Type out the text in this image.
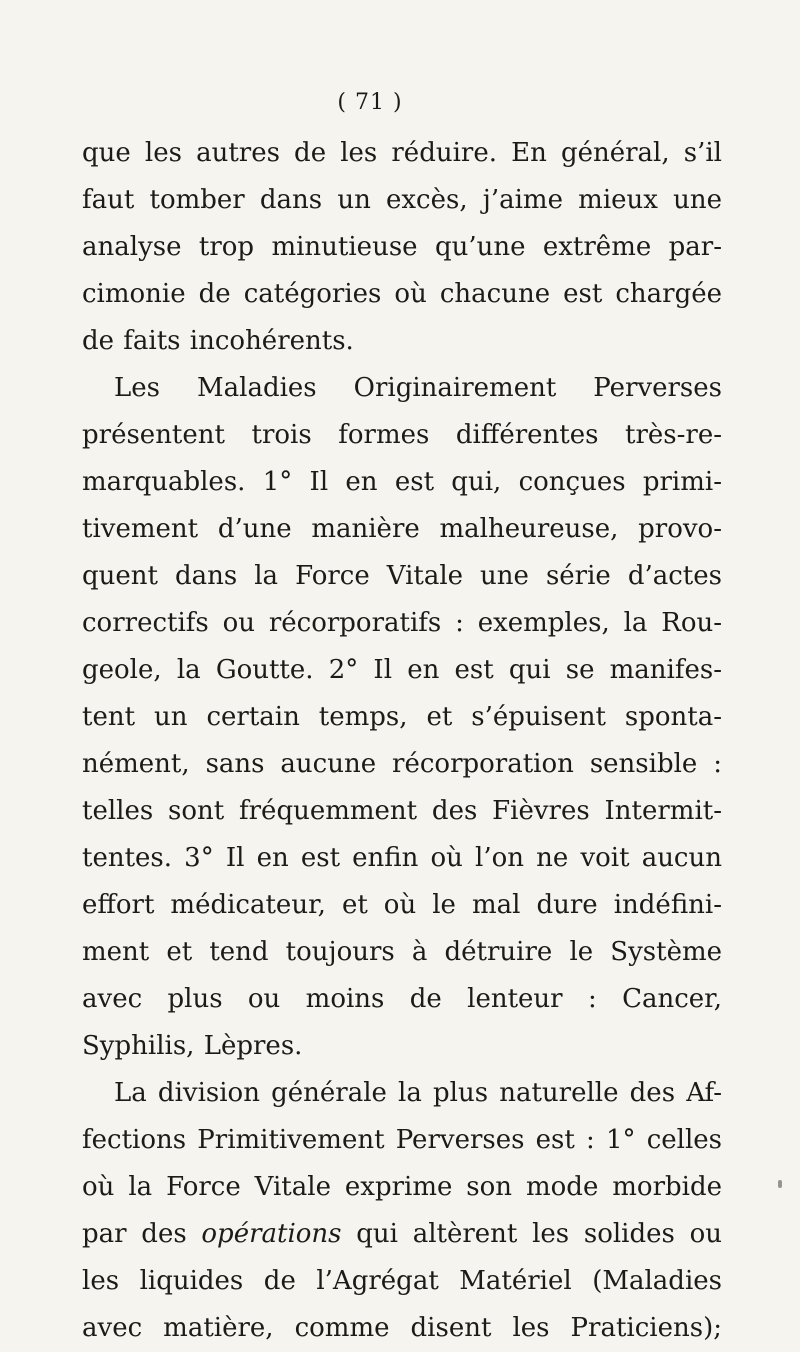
( 71 )
que les autres de les réduire. En général, s’il
faut tomber dans un excès, j’aime mieux une
analyse trop minutieuse qu’une extrême par-
cimonie de catégories où chacune est chargée
de faits incohérents.
Les Maladies Originairement Perverses
présentent trois formes différentes très-re-
marquables. 1° Il en est qui, conçues primi-
tivement d’une manière malheureuse, provo-
quent dans la Force Vitale une série d’actes
correctifs ou récorporatifs : exemples, la Rou-
geole, la Goutte. 2° Il en est qui se manifes-
tent un certain temps, et s’épuisent sponta-
nément, sans aucune récorporation sensible :
telles sont fréquemment des Fièvres Intermit-
tentes. 3° Il en est enfin où l’on ne voit aucun
effort médicateur, et où le mal dure indéfini-
ment et tend toujours à détruire le Système
avec plus ou moins de lenteur : Cancer,
Syphilis, Lèpres.
La division générale la plus naturelle des Af-
fections Primitivement Perverses est : 1° celles
où la Force Vitale exprime son mode morbide
par des opérations qui altèrent les solides ou
les liquides de l’Agrégat Matériel (Maladies
avec matière, comme disent les Praticiens);
